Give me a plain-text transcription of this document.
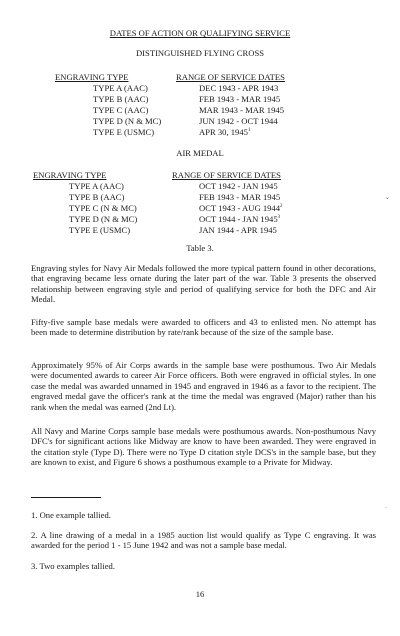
DATES OF ACTION OR QUALIFYING SERVICE
DISTINGUISHED FLYING CROSS
ENGRAVING TYPE	RANGE OF SERVICE DATES
TYPE A (AAC)	DEC 1943 - APR 1943
TYPE B (AAC)	FEB 1943 - MAR 1945
TYPE C (AAC)	MAR 1943 - MAR 1945
TYPE D (N & MC)	JUN 1942 - OCT 1944
TYPE E (USMC)	APR 30, 1945$^1$
AIR MEDAL
ENGRAVING TYPE	RANGE OF SERVICE DATES
TYPE A (AAC)	OCT 1942 - JAN 1945
TYPE B (AAC)	FEB 1943 - MAR 1945
TYPE C (N & MC)	OCT 1943 - AUG 1944$^2$
TYPE D (N & MC)	OCT 1944 - JAN 1945$^3$
TYPE E (USMC)	JAN 1944 - APR 1945
Table 3.
Engraving styles for Navy Air Medals followed the more typical pattern found in other decorations, that engraving became less ornate during the later part of the war. Table 3 presents the observed relationship between engraving style and period of qualifying service for both the DFC and Air Medal.
Fifty-five sample base medals were awarded to officers and 43 to enlisted men. No attempt has been made to determine distribution by rate/rank because of the size of the sample base.
Approximately 95% of Air Corps awards in the sample base were posthumous. Two Air Medals were documented awards to career Air Force officers. Both were engraved in official styles. In one case the medal was awarded unnamed in 1945 and engraved in 1946 as a favor to the recipient. The engraved medal gave the officer's rank at the time the medal was engraved (Major) rather than his rank when the medal was earned (2nd Lt).
All Navy and Marine Corps sample base medals were posthumous awards. Non-posthumous Navy DFC's for significant actions like Midway are know to have been awarded. They were engraved in the citation style (Type D). There were no Type D citation style DCS's in the sample base, but they are known to exist, and Figure 6 shows a posthumous example to a Private for Midway.
1. One example tallied.
2. A line drawing of a medal in a 1985 auction list would qualify as Type C engraving. It was awarded for the period 1 - 15 June 1942 and was not a sample base medal.
3. Two examples tallied.
16
⌄
·
